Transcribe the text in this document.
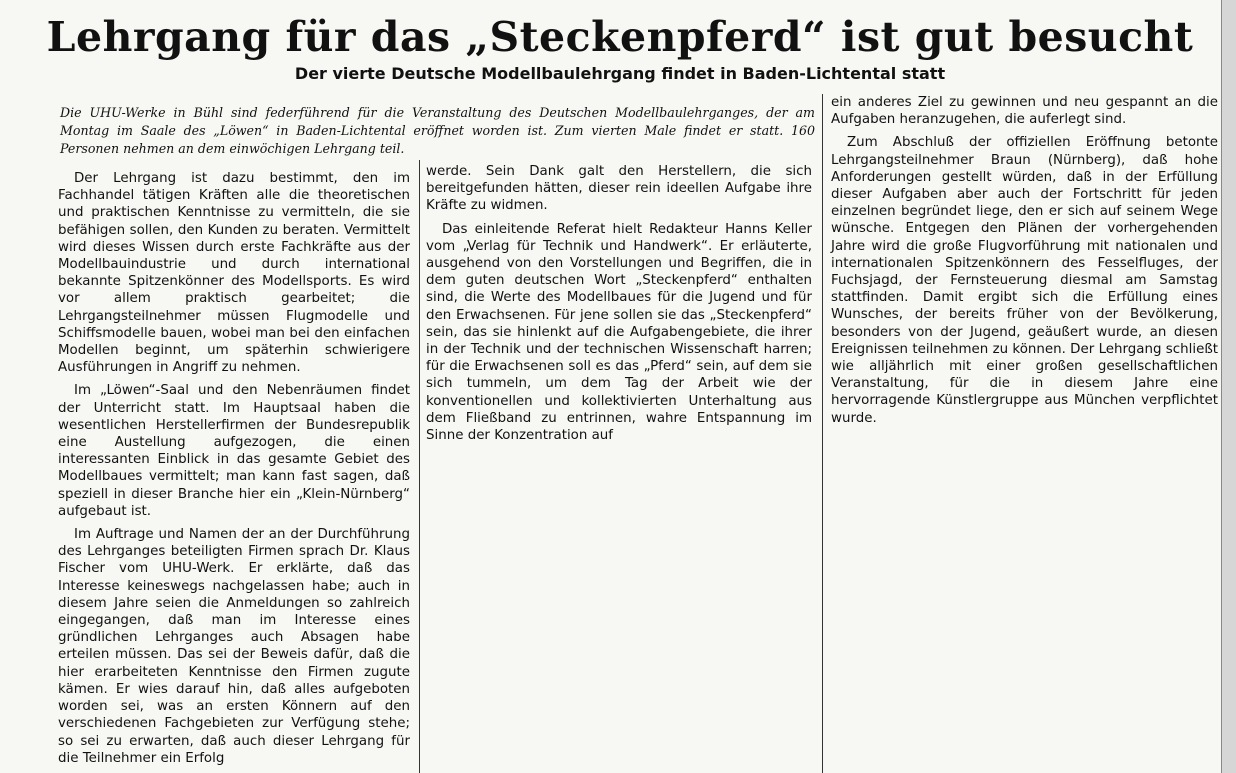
Lehrgang für das „Steckenpferd“ ist gut besucht
Der vierte Deutsche Modellbaulehrgang findet in Baden-Lichtental statt

Die UHU-Werke in Bühl sind federführend für die Veranstaltung des Deutschen Modellbaulehrganges, der am Montag im Saale des „Löwen“ in Baden-Lichtental eröffnet worden ist. Zum vierten Male findet er statt. 160 Personen nehmen an dem einwöchigen Lehrgang teil.

Der Lehrgang ist dazu bestimmt, den im Fachhandel tätigen Kräften alle die theoretischen und praktischen Kenntnisse zu vermitteln, die sie befähigen sollen, den Kunden zu beraten. Vermittelt wird dieses Wissen durch erste Fachkräfte aus der Modellbauindustrie und durch international bekannte Spitzenkönner des Modellsports. Es wird vor allem praktisch gearbeitet; die Lehrgangsteilnehmer müssen Flugmodelle und Schiffsmodelle bauen, wobei man bei den einfachen Modellen beginnt, um späterhin schwierigere Ausführungen in Angriff zu nehmen.

Im „Löwen“-Saal und den Nebenräumen findet der Unterricht statt. Im Hauptsaal haben die wesentlichen Herstellerfirmen der Bundesrepublik eine Austellung aufgezogen, die einen interessanten Einblick in das gesamte Gebiet des Modellbaues vermittelt; man kann fast sagen, daß speziell in dieser Branche hier ein „Klein-Nürnberg“ aufgebaut ist.

Im Auftrage und Namen der an der Durchführung des Lehrganges beteiligten Firmen sprach Dr. Klaus Fischer vom UHU-Werk. Er erklärte, daß das Interesse keineswegs nachgelassen habe; auch in diesem Jahre seien die Anmeldungen so zahlreich eingegangen, daß man im Interesse eines gründlichen Lehrganges auch Absagen habe erteilen müssen. Das sei der Beweis dafür, daß die hier erarbeiteten Kenntnisse den Firmen zugute kämen. Er wies darauf hin, daß alles aufgeboten worden sei, was an ersten Könnern auf den verschiedenen Fachgebieten zur Verfügung stehe; so sei zu erwarten, daß auch dieser Lehrgang für die Teilnehmer ein Erfolg

werde. Sein Dank galt den Herstellern, die sich bereitgefunden hätten, dieser rein ideellen Aufgabe ihre Kräfte zu widmen.

Das einleitende Referat hielt Redakteur Hanns Keller vom „Verlag für Technik und Handwerk“. Er erläuterte, ausgehend von den Vorstellungen und Begriffen, die in dem guten deutschen Wort „Steckenpferd“ enthalten sind, die Werte des Modellbaues für die Jugend und für den Erwachsenen. Für jene sollen sie das „Steckenpferd“ sein, das sie hinlenkt auf die Aufgabengebiete, die ihrer in der Technik und der technischen Wissenschaft harren; für die Erwachsenen soll es das „Pferd“ sein, auf dem sie sich tummeln, um dem Tag der Arbeit wie der konventionellen und kollektivierten Unterhaltung aus dem Fließband zu entrinnen, wahre Entspannung im Sinne der Konzentration auf

ein anderes Ziel zu gewinnen und neu gespannt an die Aufgaben heranzugehen, die auferlegt sind.

Zum Abschluß der offiziellen Eröffnung betonte Lehrgangsteilnehmer Braun (Nürnberg), daß hohe Anforderungen gestellt würden, daß in der Erfüllung dieser Aufgaben aber auch der Fortschritt für jeden einzelnen begründet liege, den er sich auf seinem Wege wünsche. Entgegen den Plänen der vorhergehenden Jahre wird die große Flugvorführung mit nationalen und internationalen Spitzenkönnern des Fesselfluges, der Fuchsjagd, der Fernsteuerung diesmal am Samstag stattfinden. Damit ergibt sich die Erfüllung eines Wunsches, der bereits früher von der Bevölkerung, besonders von der Jugend, geäußert wurde, an diesen Ereignissen teilnehmen zu können. Der Lehrgang schließt wie alljährlich mit einer großen gesellschaftlichen Veranstaltung, für die in diesem Jahre eine hervorragende Künstlergruppe aus München verpflichtet wurde.
